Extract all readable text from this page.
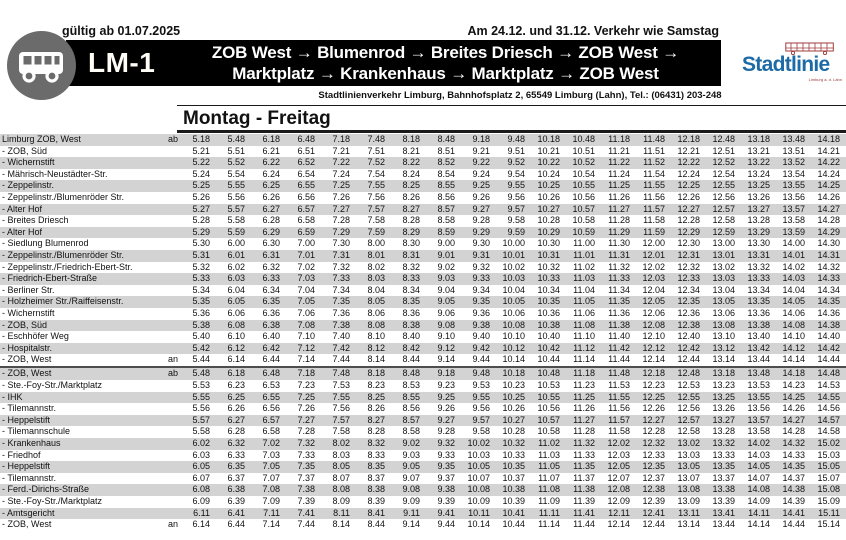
LM-1	ZOB West → Blumenrod → Breites Driesch → ZOB West →
Marktplatz → Krankenhaus → Marktplatz → ZOB West
gültig ab 01.07.2025	Am 24.12. und 31.12. Verkehr wie Samstag
Stadtlinienverkehr Limburg, Bahnhofsplatz 2, 65549 Limburg (Lahn), Tel.: (06431) 203-248
Stadtlinie
Limburg a. d. Lahn
Montag - Freitag
Limburg ZOB, West	ab	5.18	5.48	6.18	6.48	7.18	7.48	8.18	8.48	9.18	9.48	10.18	10.48	11.18	11.48	12.18	12.48	13.18	13.48	14.18
- ZOB, Süd	5.21	5.51	6.21	6.51	7.21	7.51	8.21	8.51	9.21	9.51	10.21	10.51	11.21	11.51	12.21	12.51	13.21	13.51	14.21
- Wichernstift	5.22	5.52	6.22	6.52	7.22	7.52	8.22	8.52	9.22	9.52	10.22	10.52	11.22	11.52	12.22	12.52	13.22	13.52	14.22
- Mährisch-Neustädter-Str.	5.24	5.54	6.24	6.54	7.24	7.54	8.24	8.54	9.24	9.54	10.24	10.54	11.24	11.54	12.24	12.54	13.24	13.54	14.24
- Zeppelinstr.	5.25	5.55	6.25	6.55	7.25	7.55	8.25	8.55	9.25	9.55	10.25	10.55	11.25	11.55	12.25	12.55	13.25	13.55	14.25
- Zeppelinstr./Blumenröder Str.	5.26	5.56	6.26	6.56	7.26	7.56	8.26	8.56	9.26	9.56	10.26	10.56	11.26	11.56	12.26	12.56	13.26	13.56	14.26
- Alter Hof	5.27	5.57	6.27	6.57	7.27	7.57	8.27	8.57	9.27	9.57	10.27	10.57	11.27	11.57	12.27	12.57	13.27	13.57	14.27
- Breites Driesch	5.28	5.58	6.28	6.58	7.28	7.58	8.28	8.58	9.28	9.58	10.28	10.58	11.28	11.58	12.28	12.58	13.28	13.58	14.28
- Alter Hof	5.29	5.59	6.29	6.59	7.29	7.59	8.29	8.59	9.29	9.59	10.29	10.59	11.29	11.59	12.29	12.59	13.29	13.59	14.29
- Siedlung Blumenrod	5.30	6.00	6.30	7.00	7.30	8.00	8.30	9.00	9.30	10.00	10.30	11.00	11.30	12.00	12.30	13.00	13.30	14.00	14.30
- Zeppelinstr./Blumenröder Str.	5.31	6.01	6.31	7.01	7.31	8.01	8.31	9.01	9.31	10.01	10.31	11.01	11.31	12.01	12.31	13.01	13.31	14.01	14.31
- Zeppelinstr./Friedrich-Ebert-Str.	5.32	6.02	6.32	7.02	7.32	8.02	8.32	9.02	9.32	10.02	10.32	11.02	11.32	12.02	12.32	13.02	13.32	14.02	14.32
- Friedrich-Ebert-Straße	5.33	6.03	6.33	7.03	7.33	8.03	8.33	9.03	9.33	10.03	10.33	11.03	11.33	12.03	12.33	13.03	13.33	14.03	14.33
- Berliner Str.	5.34	6.04	6.34	7.04	7.34	8.04	8.34	9.04	9.34	10.04	10.34	11.04	11.34	12.04	12.34	13.04	13.34	14.04	14.34
- Holzheimer Str./Raiffeisenstr.	5.35	6.05	6.35	7.05	7.35	8.05	8.35	9.05	9.35	10.05	10.35	11.05	11.35	12.05	12.35	13.05	13.35	14.05	14.35
- Wichernstift	5.36	6.06	6.36	7.06	7.36	8.06	8.36	9.06	9.36	10.06	10.36	11.06	11.36	12.06	12.36	13.06	13.36	14.06	14.36
- ZOB, Süd	5.38	6.08	6.38	7.08	7.38	8.08	8.38	9.08	9.38	10.08	10.38	11.08	11.38	12.08	12.38	13.08	13.38	14.08	14.38
- Eschhöfer Weg	5.40	6.10	6.40	7.10	7.40	8.10	8.40	9.10	9.40	10.10	10.40	11.10	11.40	12.10	12.40	13.10	13.40	14.10	14.40
- Hospitalstr.	5.42	6.12	6.42	7.12	7.42	8.12	8.42	9.12	9.42	10.12	10.42	11.12	11.42	12.12	12.42	13.12	13.42	14.12	14.42
- ZOB, West	an	5.44	6.14	6.44	7.14	7.44	8.14	8.44	9.14	9.44	10.14	10.44	11.14	11.44	12.14	12.44	13.14	13.44	14.14	14.44
- ZOB, West	ab	5.48	6.18	6.48	7.18	7.48	8.18	8.48	9.18	9.48	10.18	10.48	11.18	11.48	12.18	12.48	13.18	13.48	14.18	14.48
- Ste.-Foy-Str./Marktplatz	5.53	6.23	6.53	7.23	7.53	8.23	8.53	9.23	9.53	10.23	10.53	11.23	11.53	12.23	12.53	13.23	13.53	14.23	14.53
- IHK	5.55	6.25	6.55	7.25	7.55	8.25	8.55	9.25	9.55	10.25	10.55	11.25	11.55	12.25	12.55	13.25	13.55	14.25	14.55
- Tilemannstr.	5.56	6.26	6.56	7.26	7.56	8.26	8.56	9.26	9.56	10.26	10.56	11.26	11.56	12.26	12.56	13.26	13.56	14.26	14.56
- Heppelstift	5.57	6.27	6.57	7.27	7.57	8.27	8.57	9.27	9.57	10.27	10.57	11.27	11.57	12.27	12.57	13.27	13.57	14.27	14.57
- Tilemannschule	5.58	6.28	6.58	7.28	7.58	8.28	8.58	9.28	9.58	10.28	10.58	11.28	11.58	12.28	12.58	13.28	13.58	14.28	14.58
- Krankenhaus	6.02	6.32	7.02	7.32	8.02	8.32	9.02	9.32	10.02	10.32	11.02	11.32	12.02	12.32	13.02	13.32	14.02	14.32	15.02
- Friedhof	6.03	6.33	7.03	7.33	8.03	8.33	9.03	9.33	10.03	10.33	11.03	11.33	12.03	12.33	13.03	13.33	14.03	14.33	15.03
- Heppelstift	6.05	6.35	7.05	7.35	8.05	8.35	9.05	9.35	10.05	10.35	11.05	11.35	12.05	12.35	13.05	13.35	14.05	14.35	15.05
- Tilemannstr.	6.07	6.37	7.07	7.37	8.07	8.37	9.07	9.37	10.07	10.37	11.07	11.37	12.07	12.37	13.07	13.37	14.07	14.37	15.07
- Ferd.-Dirichs-Straße	6.08	6.38	7.08	7.38	8.08	8.38	9.08	9.38	10.08	10.38	11.08	11.38	12.08	12.38	13.08	13.38	14.08	14.38	15.08
- Ste.-Foy-Str./Marktplatz	6.09	6.39	7.09	7.39	8.09	8.39	9.09	9.39	10.09	10.39	11.09	11.39	12.09	12.39	13.09	13.39	14.09	14.39	15.09
- Amtsgericht	6.11	6.41	7.11	7.41	8.11	8.41	9.11	9.41	10.11	10.41	11.11	11.41	12.11	12.41	13.11	13.41	14.11	14.41	15.11
- ZOB, West	an	6.14	6.44	7.14	7.44	8.14	8.44	9.14	9.44	10.14	10.44	11.14	11.44	12.14	12.44	13.14	13.44	14.14	14.44	15.14
